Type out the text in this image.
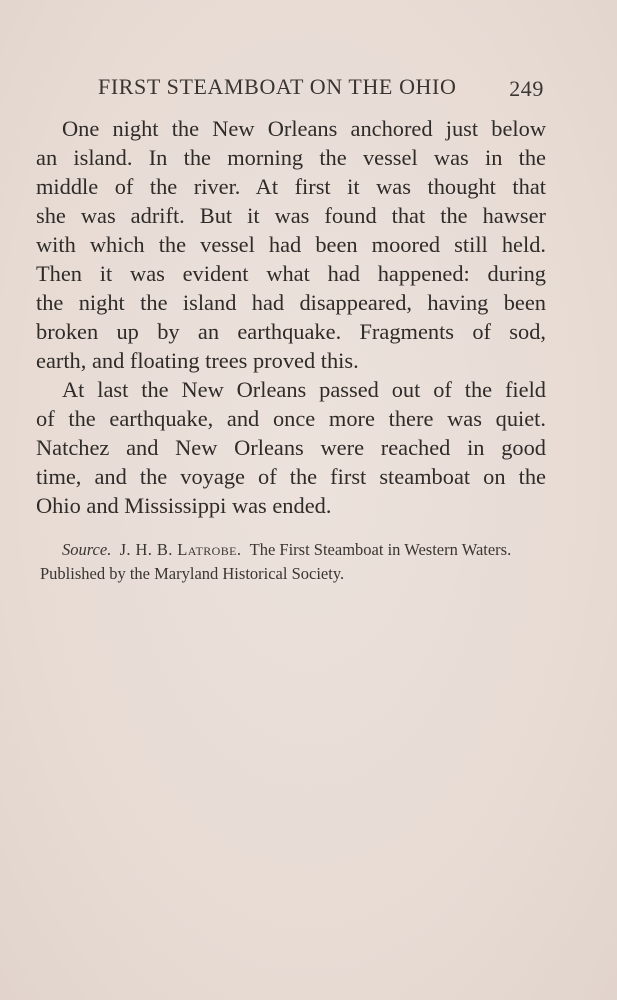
FIRST STEAMBOAT ON THE OHIO 249
One night the New Orleans anchored just below
an island. In the morning the vessel was in the
middle of the river. At first it was thought that
she was adrift. But it was found that the hawser
with which the vessel had been moored still held.
Then it was evident what had happened: during
the night the island had disappeared, having been
broken up by an earthquake. Fragments of sod,
earth, and floating trees proved this.
At last the New Orleans passed out of the field
of the earthquake, and once more there was quiet.
Natchez and New Orleans were reached in good
time, and the voyage of the first steamboat on the
Ohio and Mississippi was ended.
Source. J. H. B. Latrobe. The First Steamboat in Western Waters.
Published by the Maryland Historical Society.
